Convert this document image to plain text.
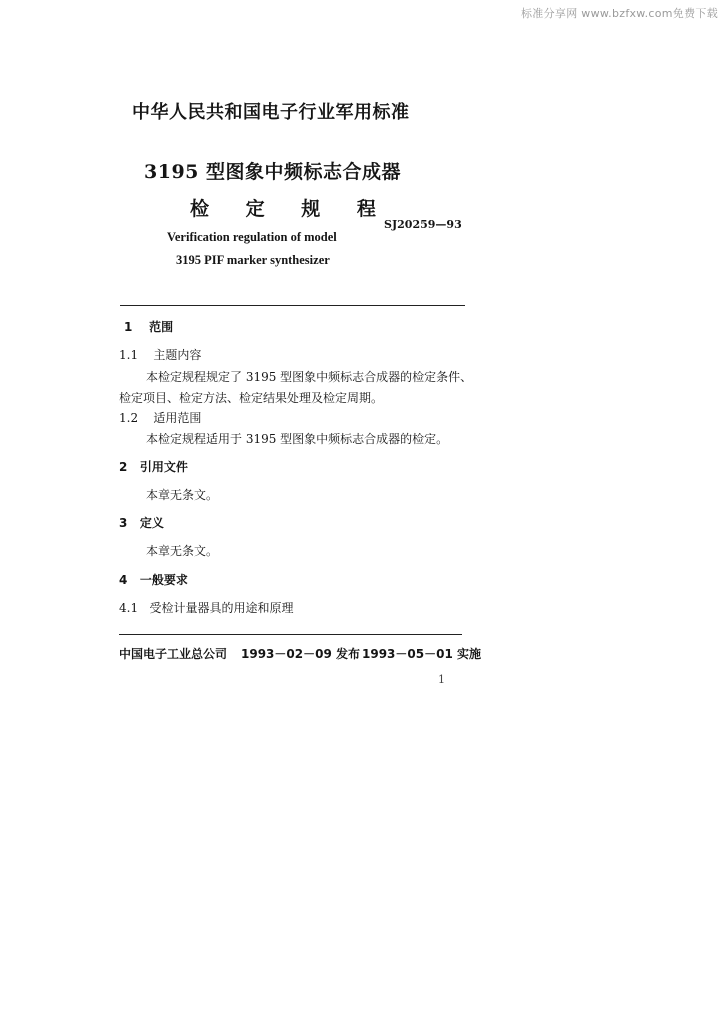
标准分享网 www.bzfxw.com免费下载
中华人民共和国电子行业军用标准
3195 型图象中频标志合成器
检 定 规 程
SJ20259—93
Verification regulation of model
3195 PIF marker synthesizer
1 范围
1.1 主题内容
本检定规程规定了 3195 型图象中频标志合成器的检定条件、
检定项目、检定方法、检定结果处理及检定周期。
1.2 适用范围
本检定规程适用于 3195 型图象中频标志合成器的检定。
2 引用文件
本章无条文。
3 定义
本章无条文。
4 一般要求
4.1 受检计量器具的用途和原理
中国电子工业总公司 1993－02－09 发布 1993－05－01 实施
1
